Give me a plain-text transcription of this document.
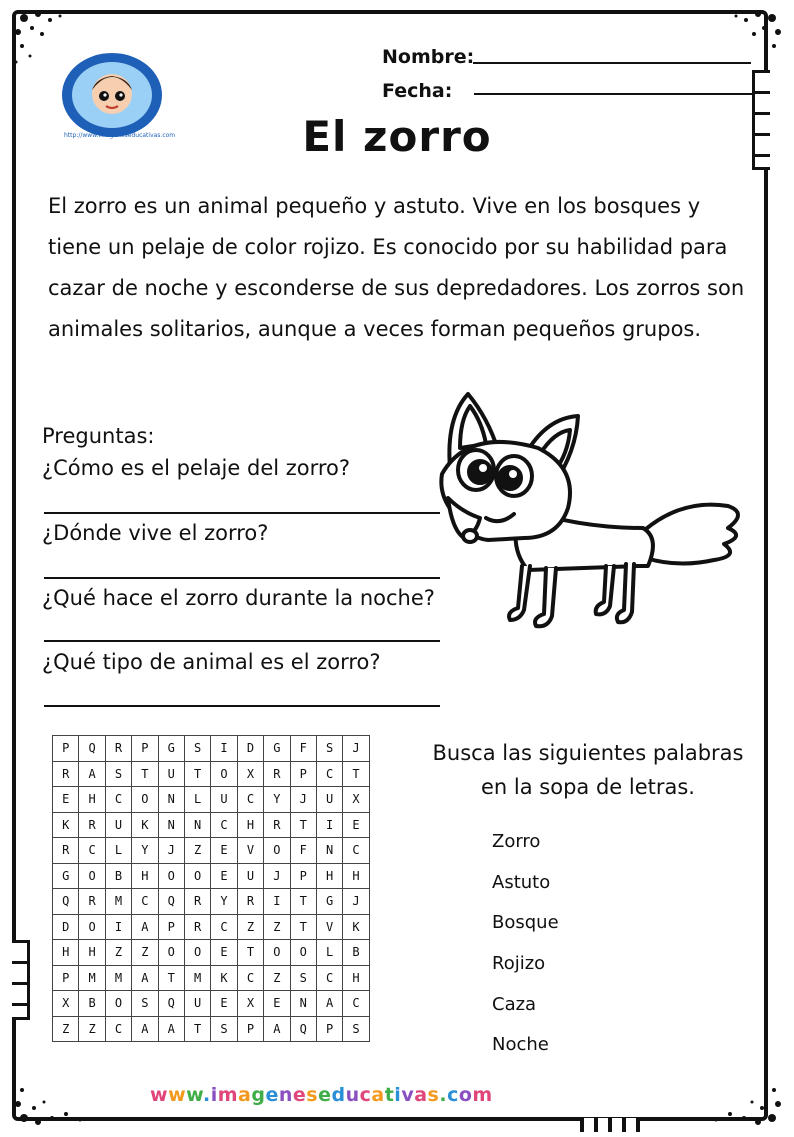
http://www.imageneseducativas.com
Nombre:
Fecha:
El zorro
El zorro es un animal pequeño y astuto. Vive en los bosques y tiene un pelaje de color rojizo. Es conocido por su habilidad para cazar de noche y esconderse de sus depredadores. Los zorros son animales solitarios, aunque a veces forman pequeños grupos.
Preguntas:
¿Cómo es el pelaje del zorro?
¿Dónde vive el zorro?
¿Qué hace el zorro durante la noche?
¿Qué tipo de animal es el zorro?
P	Q	R	P	G	S	I	D	G	F	S	J
R	A	S	T	U	T	O	X	R	P	C	T
E	H	C	O	N	L	U	C	Y	J	U	X
K	R	U	K	N	N	C	H	R	T	I	E
R	C	L	Y	J	Z	E	V	O	F	N	C
G	O	B	H	O	O	E	U	J	P	H	H
Q	R	M	C	Q	R	Y	R	I	T	G	J
D	O	I	A	P	R	C	Z	Z	T	V	K
H	H	Z	Z	O	O	E	T	O	O	L	B
P	M	M	A	T	M	K	C	Z	S	C	H
X	B	O	S	Q	U	E	X	E	N	A	C
Z	Z	C	A	A	T	S	P	A	Q	P	S
Busca las siguientes palabras
en la sopa de letras.
Zorro
Astuto
Bosque
Rojizo
Caza
Noche
www.imageneseducativas.com
